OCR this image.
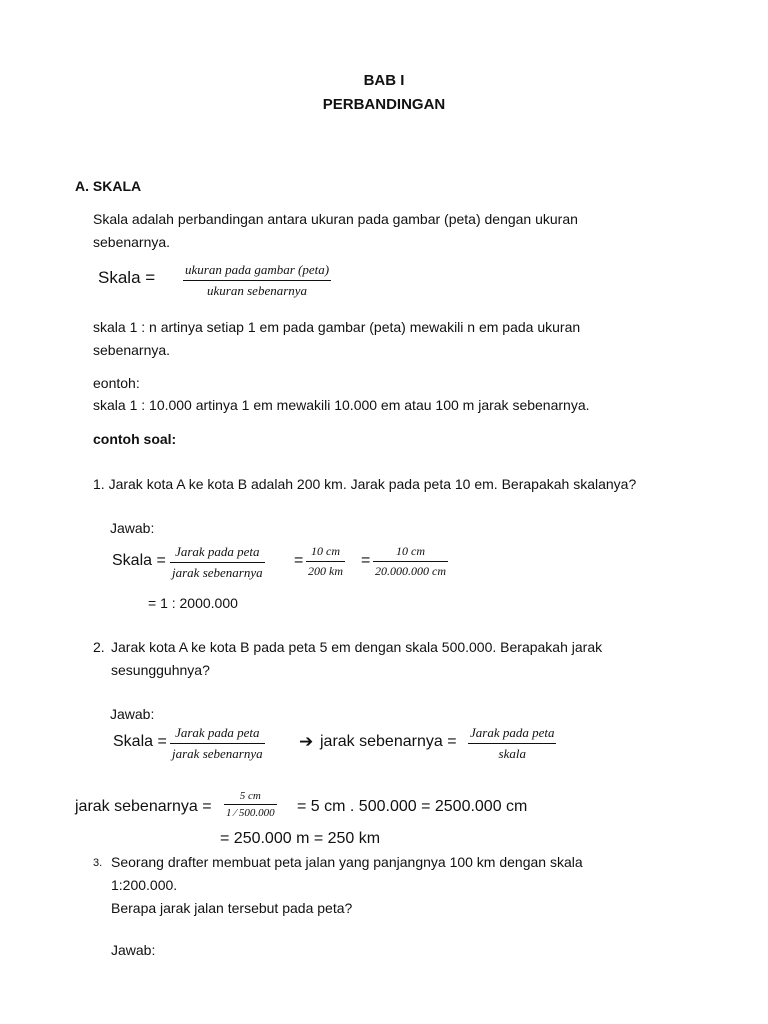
BAB I
PERBANDINGAN
A. SKALA
Skala adalah perbandingan antara ukuran pada gambar (peta) dengan ukuran
sebenarnya.
Skala = ukuran pada gambar (peta)
ukuran sebenarnya
skala 1 : n artinya setiap 1 em pada gambar (peta) mewakili n em pada ukuran
sebenarnya.
eontoh:
skala 1 : 10.000 artinya 1 em mewakili 10.000 em atau 100 m jarak sebenarnya.
contoh soal:
1. Jarak kota A ke kota B adalah 200 km. Jarak pada peta 10 em. Berapakah skalanya?
Jawab:
Skala =
Jarak pada peta
jarak sebenarnya
= $\frac{10 cm}{200 km} = \frac{10 cm}{20.000.000 cm}$
= 1 : 2000.000
2. Jarak kota A ke kota B pada peta 5 em dengan skala 500.000. Berapakah jarak
sesungguhnya?
Jawab:
Skala =
Jarak pada peta
jarak sebenarnya
➔ jarak sebenarnya =
Jarak pada peta
skala
jarak sebenarnya = $\frac{5 cm}{1 ⁄ 500.000} = 5$ cm . 500.000 = 2500.000 cm
= 250.000 m = 250 km
3. Seorang drafter membuat peta jalan yang panjangnya 100 km dengan skala
1:200.000.
Berapa jarak jalan tersebut pada peta?
Jawab:
